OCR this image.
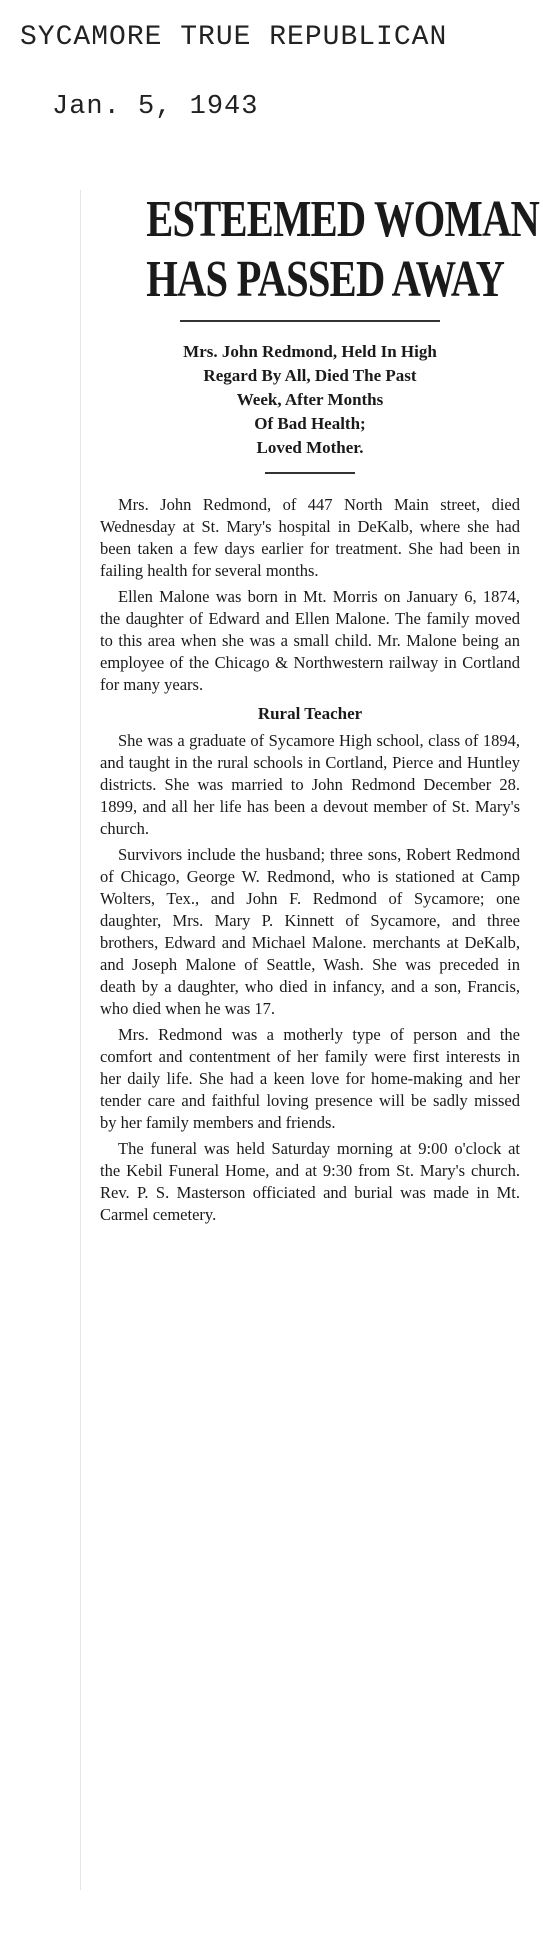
SYCAMORE TRUE REPUBLICAN
Jan. 5, 1943
ESTEEMED WOMAN
HAS PASSED AWAY
Mrs. John Redmond, Held In High
Regard By All, Died The Past
Week, After Months
Of Bad Health;
Loved Mother.

Mrs. John Redmond, of 447 North Main street, died Wednesday at St. Mary's hospital in DeKalb, where she had been taken a few days earlier for treatment. She had been in failing health for several months.

Ellen Malone was born in Mt. Morris on January 6, 1874, the daughter of Edward and Ellen Malone. The family moved to this area when she was a small child. Mr. Malone being an employee of the Chicago & Northwestern railway in Cortland for many years.

Rural Teacher

She was a graduate of Sycamore High school, class of 1894, and taught in the rural schools in Cortland, Pierce and Huntley districts. She was married to John Redmond December 28. 1899, and all her life has been a devout member of St. Mary's church.

Survivors include the husband; three sons, Robert Redmond of Chicago, George W. Redmond, who is stationed at Camp Wolters, Tex., and John F. Redmond of Sycamore; one daughter, Mrs. Mary P. Kinnett of Sycamore, and three brothers, Edward and Michael Malone. merchants at DeKalb, and Joseph Malone of Seattle, Wash. She was preceded in death by a daughter, who died in infancy, and a son, Francis, who died when he was 17.

Mrs. Redmond was a motherly type of person and the comfort and contentment of her family were first interests in her daily life. She had a keen love for home-making and her tender care and faithful loving presence will be sadly missed by her family members and friends.

The funeral was held Saturday morning at 9:00 o'clock at the Kebil Funeral Home, and at 9:30 from St. Mary's church. Rev. P. S. Masterson officiated and burial was made in Mt. Carmel cemetery.
